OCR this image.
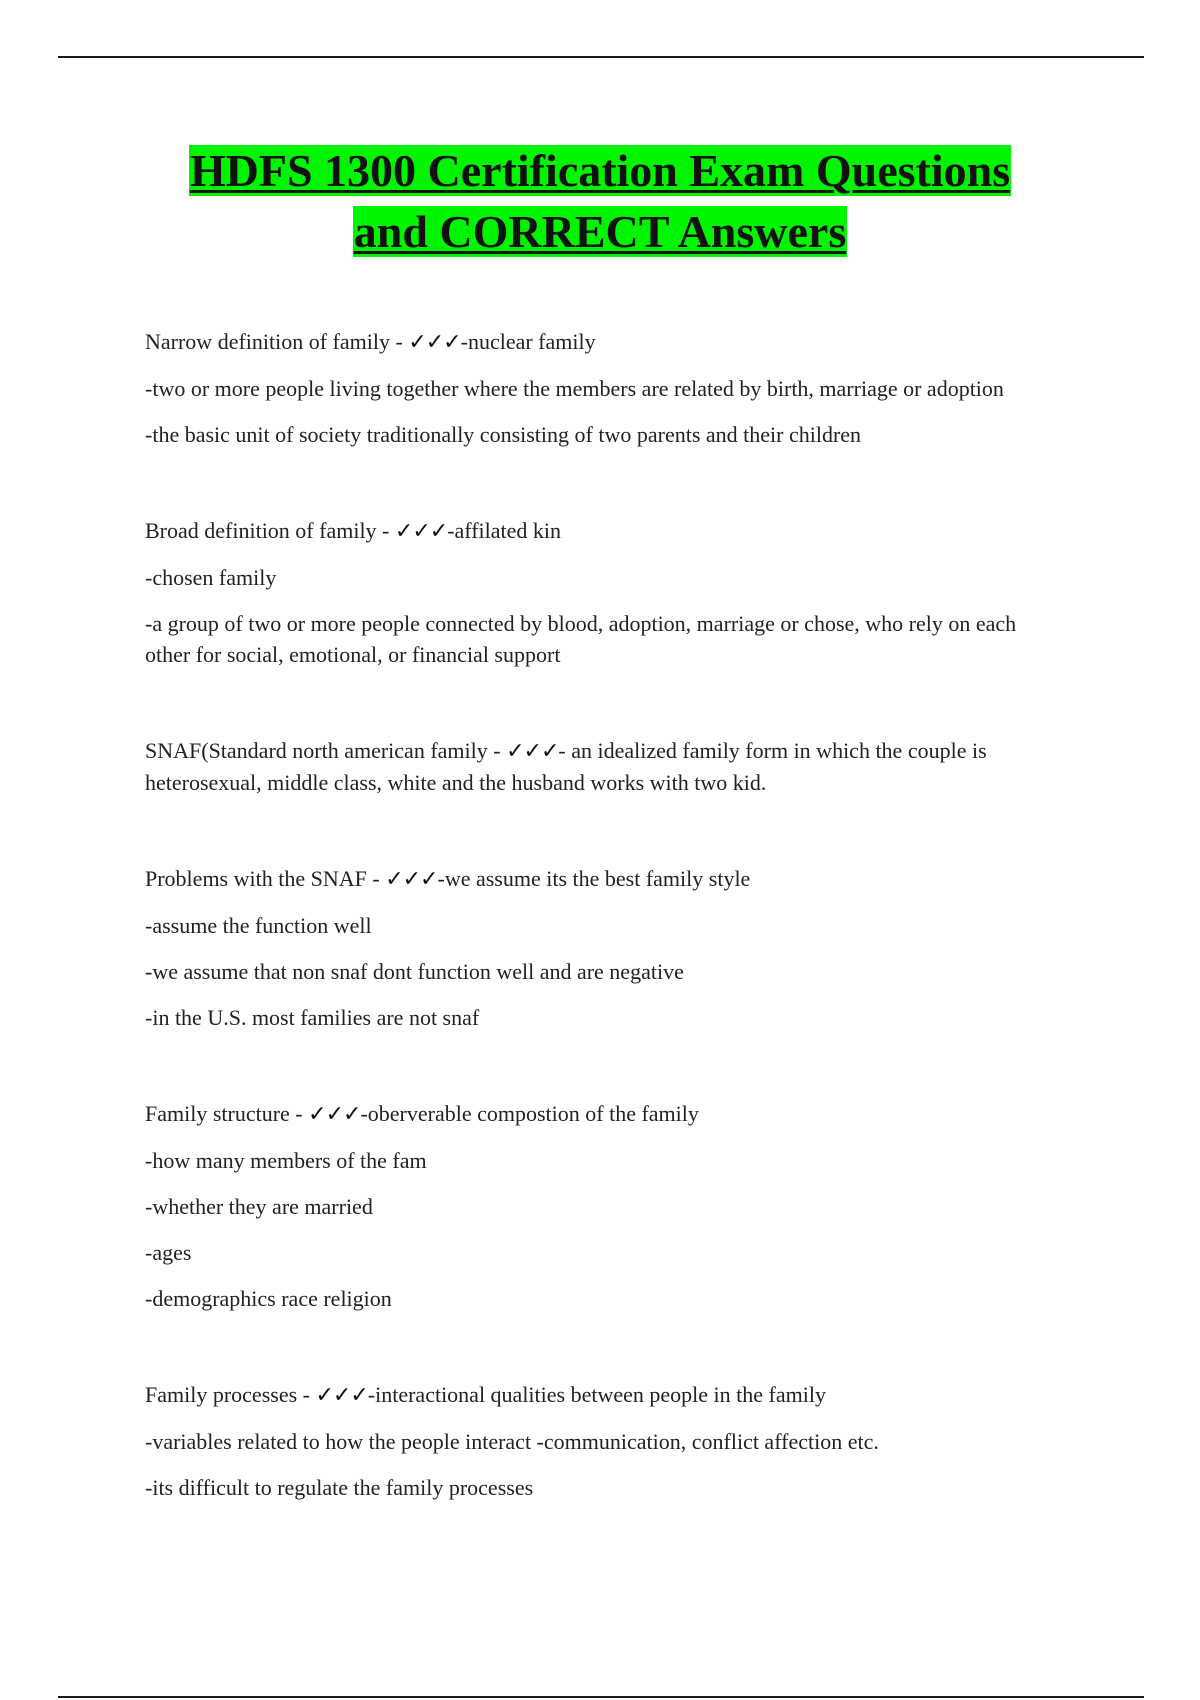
HDFS 1300 Certification Exam Questions
and CORRECT Answers

Narrow definition of family - ✓✓✓-nuclear family

-two or more people living together where the members are related by birth, marriage or adoption

-the basic unit of society traditionally consisting of two parents and their children

Broad definition of family - ✓✓✓-affilated kin

-chosen family

-a group of two or more people connected by blood, adoption, marriage or chose, who rely on each other for social, emotional, or financial support

SNAF(Standard north american family - ✓✓✓- an idealized family form in which the couple is heterosexual, middle class, white and the husband works with two kid.

Problems with the SNAF - ✓✓✓-we assume its the best family style

-assume the function well

-we assume that non snaf dont function well and are negative

-in the U.S. most families are not snaf

Family structure - ✓✓✓-oberverable compostion of the family

-how many members of the fam

-whether they are married

-ages

-demographics race religion

Family processes - ✓✓✓-interactional qualities between people in the family

-variables related to how the people interact -communication, conflict affection etc.

-its difficult to regulate the family processes
